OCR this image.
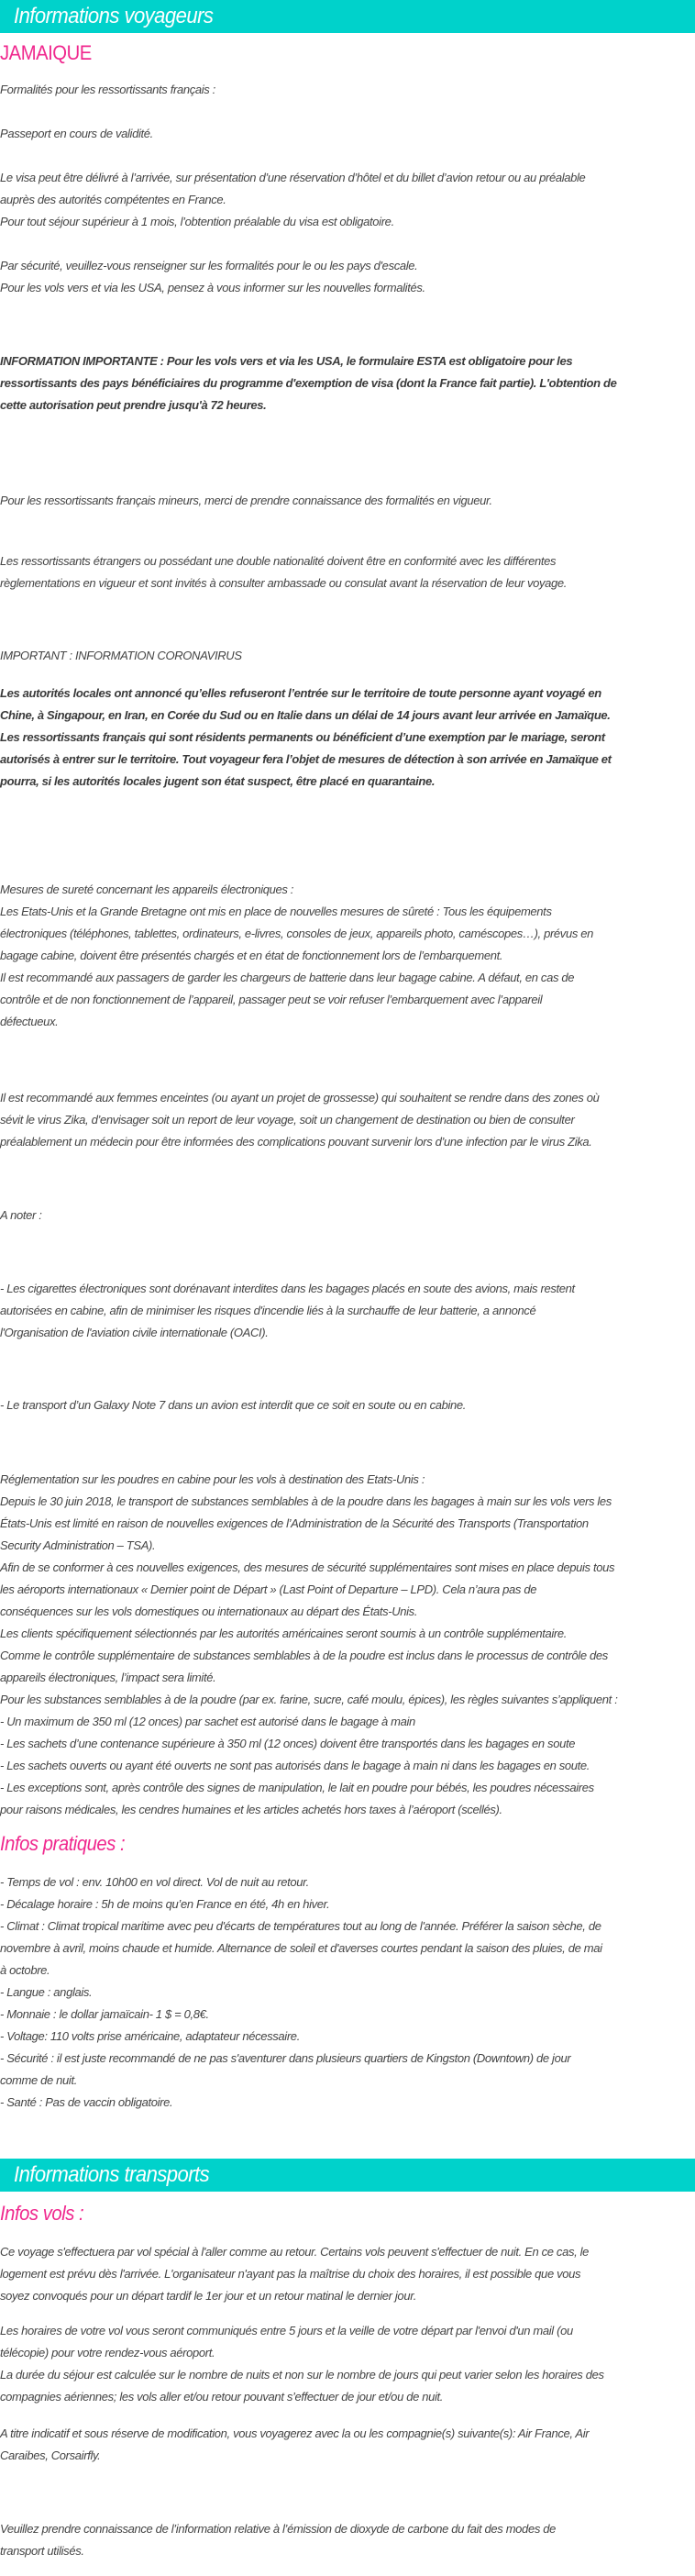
Informations voyageurs
JAMAIQUE
Formalités pour les ressortissants français :
Passeport en cours de validité.
Le visa peut être délivré à l’arrivée, sur présentation d’une réservation d’hôtel et du billet d’avion retour ou au préalable
auprès des autorités compétentes en France.
Pour tout séjour supérieur à 1 mois, l’obtention préalable du visa est obligatoire.
Par sécurité, veuillez-vous renseigner sur les formalités pour le ou les pays d'escale.
Pour les vols vers et via les USA, pensez à vous informer sur les nouvelles formalités.
INFORMATION IMPORTANTE : Pour les vols vers et via les USA, le formulaire ESTA est obligatoire pour les
ressortissants des pays bénéficiaires du programme d'exemption de visa (dont la France fait partie). L'obtention de
cette autorisation peut prendre jusqu'à 72 heures.
Pour les ressortissants français mineurs, merci de prendre connaissance des formalités en vigueur.
Les ressortissants étrangers ou possédant une double nationalité doivent être en conformité avec les différentes
règlementations en vigueur et sont invités à consulter ambassade ou consulat avant la réservation de leur voyage.
IMPORTANT : INFORMATION CORONAVIRUS
Les autorités locales ont annoncé qu’elles refuseront l’entrée sur le territoire de toute personne ayant voyagé en
Chine, à Singapour, en Iran, en Corée du Sud ou en Italie dans un délai de 14 jours avant leur arrivée en Jamaïque.
Les ressortissants français qui sont résidents permanents ou bénéficient d’une exemption par le mariage, seront
autorisés à entrer sur le territoire. Tout voyageur fera l’objet de mesures de détection à son arrivée en Jamaïque et
pourra, si les autorités locales jugent son état suspect, être placé en quarantaine.
Mesures de sureté concernant les appareils électroniques :
Les Etats-Unis et la Grande Bretagne ont mis en place de nouvelles mesures de sûreté : Tous les équipements
électroniques (téléphones, tablettes, ordinateurs, e-livres, consoles de jeux, appareils photo, caméscopes…), prévus en
bagage cabine, doivent être présentés chargés et en état de fonctionnement lors de l’embarquement.
Il est recommandé aux passagers de garder les chargeurs de batterie dans leur bagage cabine. A défaut, en cas de
contrôle et de non fonctionnement de l’appareil, passager peut se voir refuser l’embarquement avec l’appareil
défectueux.
Il est recommandé aux femmes enceintes (ou ayant un projet de grossesse) qui souhaitent se rendre dans des zones où
sévit le virus Zika, d’envisager soit un report de leur voyage, soit un changement de destination ou bien de consulter
préalablement un médecin pour être informées des complications pouvant survenir lors d’une infection par le virus Zika.
A noter :
- Les cigarettes électroniques sont dorénavant interdites dans les bagages placés en soute des avions, mais restent
autorisées en cabine, afin de minimiser les risques d'incendie liés à la surchauffe de leur batterie, a annoncé
l'Organisation de l'aviation civile internationale (OACI).
- Le transport d’un Galaxy Note 7 dans un avion est interdit que ce soit en soute ou en cabine.
Réglementation sur les poudres en cabine pour les vols à destination des Etats-Unis :
Depuis le 30 juin 2018, le transport de substances semblables à de la poudre dans les bagages à main sur les vols vers les
États-Unis est limité en raison de nouvelles exigences de l’Administration de la Sécurité des Transports (Transportation
Security Administration – TSA).
Afin de se conformer à ces nouvelles exigences, des mesures de sécurité supplémentaires sont mises en place depuis tous
les aéroports internationaux « Dernier point de Départ » (Last Point of Departure – LPD). Cela n’aura pas de
conséquences sur les vols domestiques ou internationaux au départ des États-Unis.
Les clients spécifiquement sélectionnés par les autorités américaines seront soumis à un contrôle supplémentaire.
Comme le contrôle supplémentaire de substances semblables à de la poudre est inclus dans le processus de contrôle des
appareils électroniques, l’impact sera limité.
Pour les substances semblables à de la poudre (par ex. farine, sucre, café moulu, épices), les règles suivantes s’appliquent :
- Un maximum de 350 ml (12 onces) par sachet est autorisé dans le bagage à main
- Les sachets d’une contenance supérieure à 350 ml (12 onces) doivent être transportés dans les bagages en soute
- Les sachets ouverts ou ayant été ouverts ne sont pas autorisés dans le bagage à main ni dans les bagages en soute.
- Les exceptions sont, après contrôle des signes de manipulation, le lait en poudre pour bébés, les poudres nécessaires
pour raisons médicales, les cendres humaines et les articles achetés hors taxes à l’aéroport (scellés).
Infos pratiques :
- Temps de vol : env. 10h00 en vol direct. Vol de nuit au retour.
- Décalage horaire : 5h de moins qu’en France en été, 4h en hiver.
- Climat : Climat tropical maritime avec peu d'écarts de températures tout au long de l'année. Préférer la saison sèche, de
novembre à avril, moins chaude et humide. Alternance de soleil et d'averses courtes pendant la saison des pluies, de mai
à octobre.
- Langue : anglais.
- Monnaie : le dollar jamaïcain- 1 $ = 0,8€.
- Voltage: 110 volts prise américaine, adaptateur nécessaire.
- Sécurité : il est juste recommandé de ne pas s'aventurer dans plusieurs quartiers de Kingston (Downtown) de jour
comme de nuit.
- Santé : Pas de vaccin obligatoire.
Informations transports
Infos vols :
Ce voyage s'effectuera par vol spécial à l'aller comme au retour. Certains vols peuvent s'effectuer de nuit. En ce cas, le
logement est prévu dès l'arrivée. L'organisateur n'ayant pas la maîtrise du choix des horaires, il est possible que vous
soyez convoqués pour un départ tardif le 1er jour et un retour matinal le dernier jour.
Les horaires de votre vol vous seront communiqués entre 5 jours et la veille de votre départ par l'envoi d'un mail (ou
télécopie) pour votre rendez-vous aéroport.
La durée du séjour est calculée sur le nombre de nuits et non sur le nombre de jours qui peut varier selon les horaires des
compagnies aériennes; les vols aller et/ou retour pouvant s’effectuer de jour et/ou de nuit.
A titre indicatif et sous réserve de modification, vous voyagerez avec la ou les compagnie(s) suivante(s): Air France, Air
Caraibes, Corsairfly.
Veuillez prendre connaissance de l’information relative à l’émission de dioxyde de carbone du fait des modes de
transport utilisés.
